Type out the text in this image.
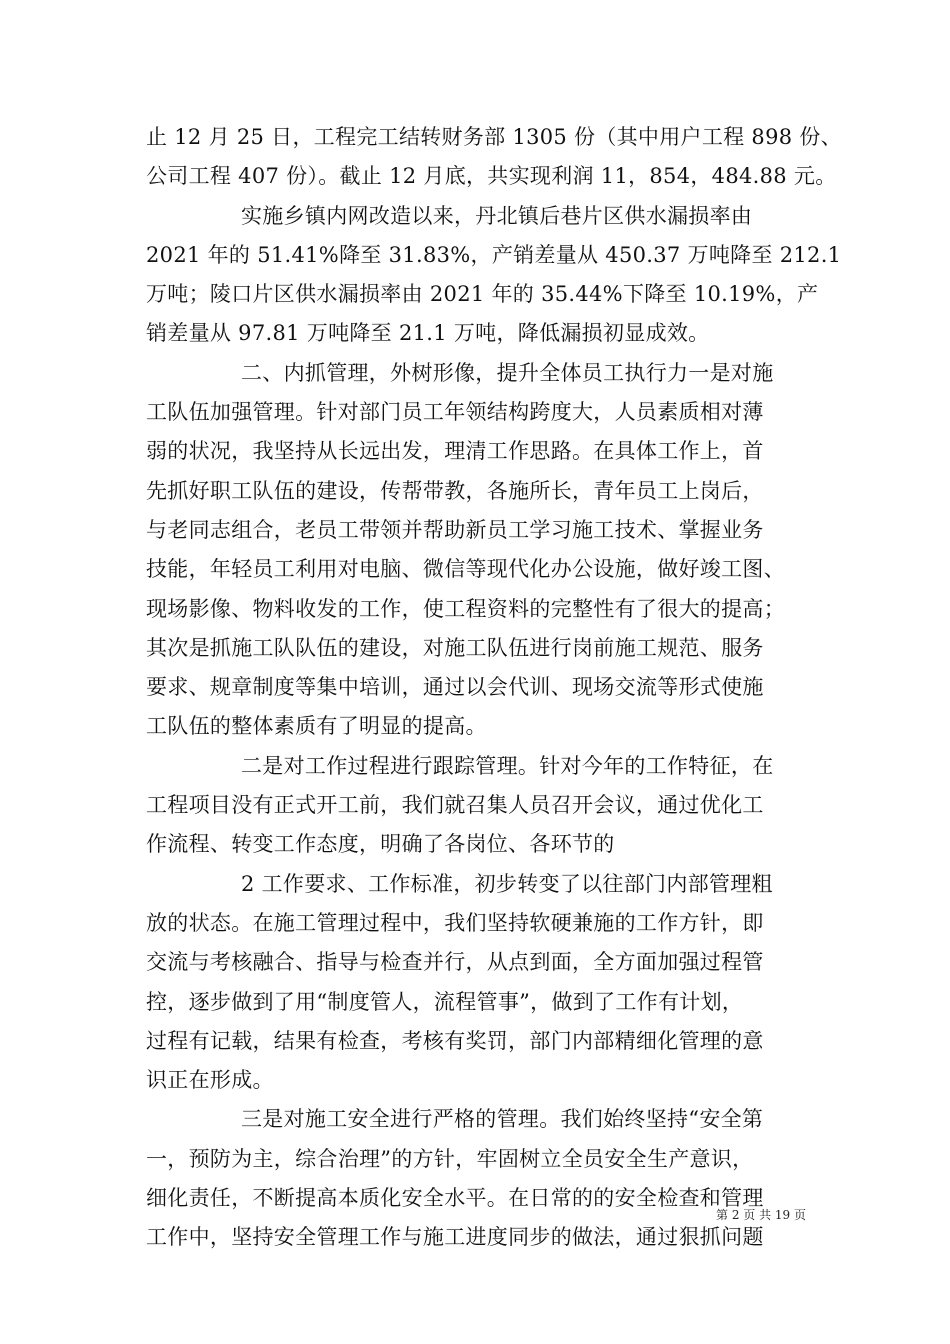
止 12 月 25 日，工程完工结转财务部 1305 份（其中用户工程 898 份、
公司工程 407 份）。截止 12 月底，共实现利润 11，854，484.88 元。
实施乡镇内网改造以来，丹北镇后巷片区供水漏损率由
2021 年的 51.41%降至 31.83%，产销差量从 450.37 万吨降至 212.1
万吨；陵口片区供水漏损率由 2021 年的 35.44%下降至 10.19%，产
销差量从 97.81 万吨降至 21.1 万吨，降低漏损初显成效。
二、内抓管理，外树形像，提升全体员工执行力一是对施
工队伍加强管理。针对部门员工年领结构跨度大，人员素质相对薄
弱的状况，我坚持从长远出发，理清工作思路。在具体工作上，首
先抓好职工队伍的建设，传帮带教，各施所长，青年员工上岗后，
与老同志组合，老员工带领并帮助新员工学习施工技术、掌握业务
技能，年轻员工利用对电脑、微信等现代化办公设施，做好竣工图、
现场影像、物料收发的工作，使工程资料的完整性有了很大的提高；
其次是抓施工队队伍的建设，对施工队伍进行岗前施工规范、服务
要求、规章制度等集中培训，通过以会代训、现场交流等形式使施
工队伍的整体素质有了明显的提高。
二是对工作过程进行跟踪管理。针对今年的工作特征，在
工程项目没有正式开工前，我们就召集人员召开会议，通过优化工
作流程、转变工作态度，明确了各岗位、各环节的
2 工作要求、工作标准，初步转变了以往部门内部管理粗
放的状态。在施工管理过程中，我们坚持软硬兼施的工作方针，即
交流与考核融合、指导与检查并行，从点到面，全方面加强过程管
控，逐步做到了用“制度管人，流程管事”，做到了工作有计划，
过程有记载，结果有检查，考核有奖罚，部门内部精细化管理的意
识正在形成。
三是对施工安全进行严格的管理。我们始终坚持“安全第
一，预防为主，综合治理”的方针，牢固树立全员安全生产意识，
细化责任，不断提高本质化安全水平。在日常的的安全检查和管理
工作中，坚持安全管理工作与施工进度同步的做法，通过狠抓问题
第 2 页 共 19 页
